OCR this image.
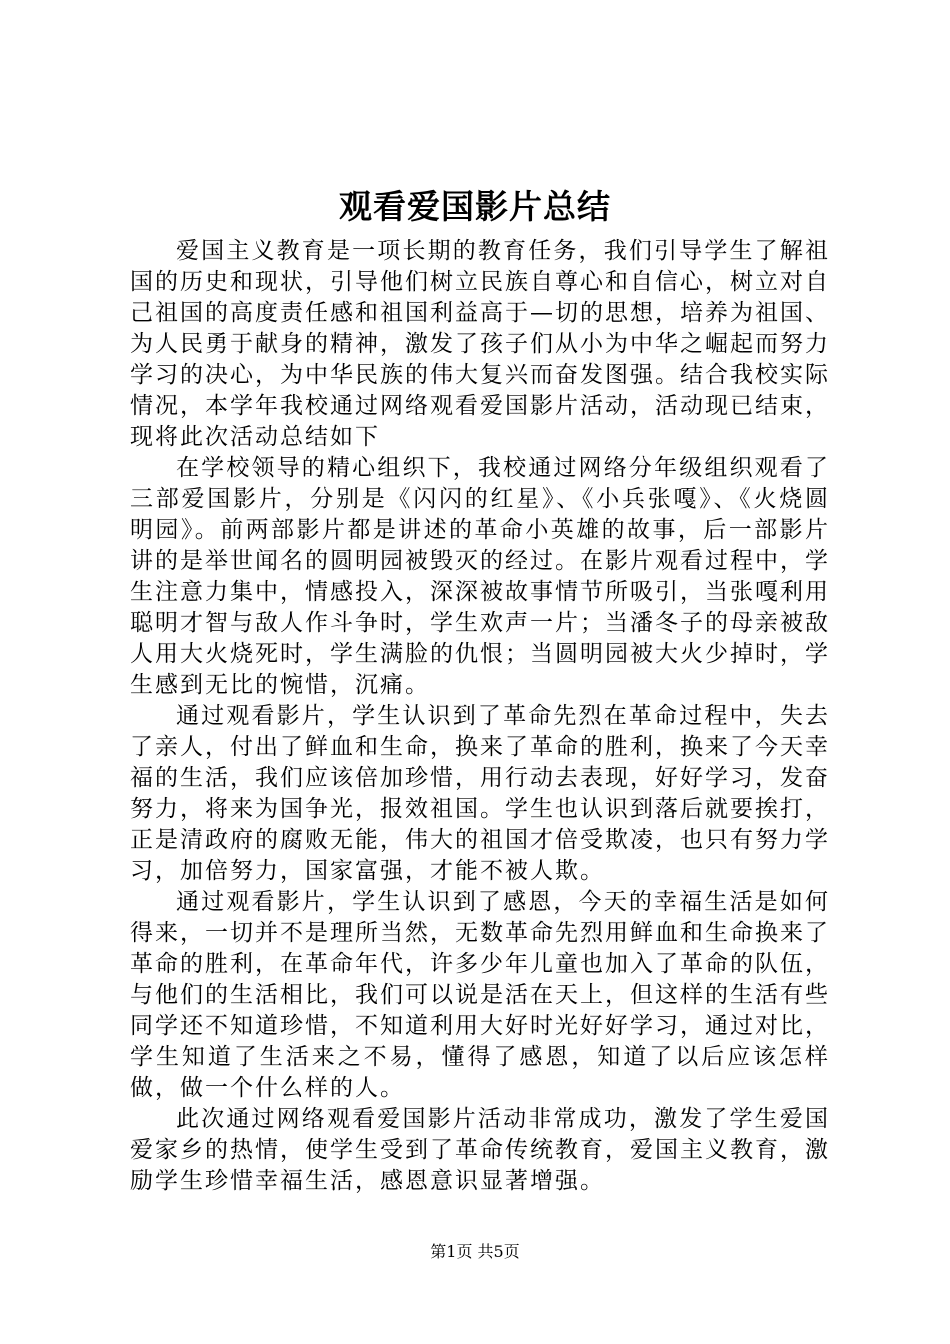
观看爱国影片总结

爱国主义教育是一项长期的教育任务，我们引导学生了解祖国的历史和现状，引导他们树立民族自尊心和自信心，树立对自己祖国的高度责任感和祖国利益高于—切的思想，培养为祖国、为人民勇于献身的精神，激发了孩子们从小为中华之崛起而努力学习的决心，为中华民族的伟大复兴而奋发图强。结合我校实际情况，本学年我校通过网络观看爱国影片活动，活动现已结束，现将此次活动总结如下

在学校领导的精心组织下，我校通过网络分年级组织观看了三部爱国影片，分别是《闪闪的红星》、《小兵张嘎》、《火烧圆明园》。前两部影片都是讲述的革命小英雄的故事，后一部影片讲的是举世闻名的圆明园被毁灭的经过。在影片观看过程中，学生注意力集中，情感投入，深深被故事情节所吸引，当张嘎利用聪明才智与敌人作斗争时，学生欢声一片；当潘冬子的母亲被敌人用大火烧死时，学生满脸的仇恨；当圆明园被大火少掉时，学生感到无比的惋惜，沉痛。

通过观看影片，学生认识到了革命先烈在革命过程中，失去了亲人，付出了鲜血和生命，换来了革命的胜利，换来了今天幸福的生活，我们应该倍加珍惜，用行动去表现，好好学习，发奋努力，将来为国争光，报效祖国。学生也认识到落后就要挨打，正是清政府的腐败无能，伟大的祖国才倍受欺凌，也只有努力学习，加倍努力，国家富强，才能不被人欺。

通过观看影片，学生认识到了感恩，今天的幸福生活是如何得来，一切并不是理所当然，无数革命先烈用鲜血和生命换来了革命的胜利，在革命年代，许多少年儿童也加入了革命的队伍，与他们的生活相比，我们可以说是活在天上，但这样的生活有些同学还不知道珍惜，不知道利用大好时光好好学习，通过对比，学生知道了生活来之不易，懂得了感恩，知道了以后应该怎样做，做一个什么样的人。

此次通过网络观看爱国影片活动非常成功，激发了学生爱国爱家乡的热情，使学生受到了革命传统教育，爱国主义教育，激励学生珍惜幸福生活，感恩意识显著增强。

第1页 共5页
